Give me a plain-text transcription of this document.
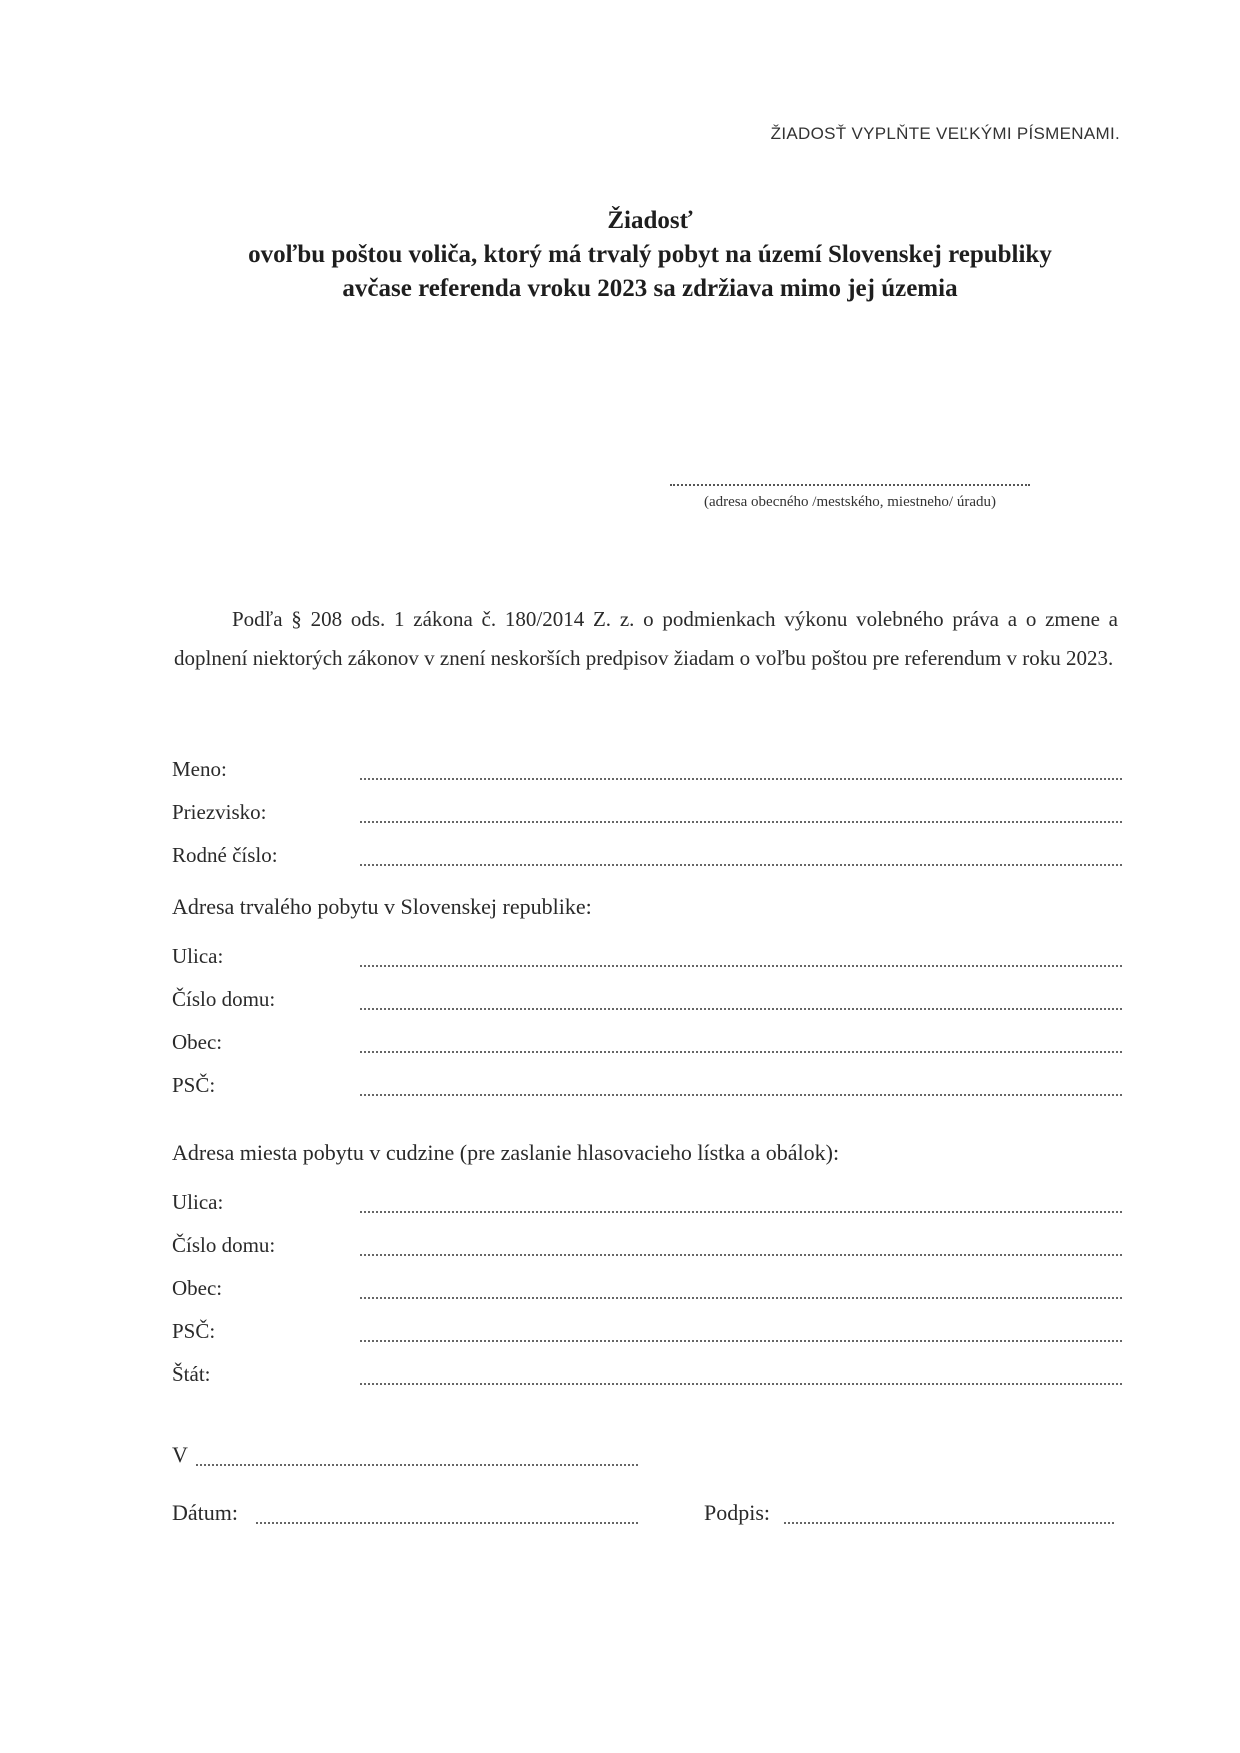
ŽIADOSŤ VYPLŇTE VEĽKÝMI PÍSMENAMI.
Žiadosť
ovoľbu poštou voliča, ktorý má trvalý pobyt na území Slovenskej republiky
avčase referenda vroku 2023 sa zdržiava mimo jej územia
(adresa obecného /mestského, miestneho/ úradu)
Podľa § 208 ods. 1 zákona č. 180/2014 Z. z. o podmienkach výkonu volebného práva a o zmene a doplnení niektorých zákonov v znení neskorších predpisov žiadam o voľbu poštou pre referendum v roku 2023.
Meno:
Priezvisko:
Rodné číslo:
Adresa trvalého pobytu v Slovenskej republike:
Ulica:
Číslo domu:
Obec:
PSČ:
Adresa miesta pobytu v cudzine (pre zaslanie hlasovacieho lístka a obálok):
Ulica:
Číslo domu:
Obec:
PSČ:
Štát:
V
Dátum:	Podpis:
